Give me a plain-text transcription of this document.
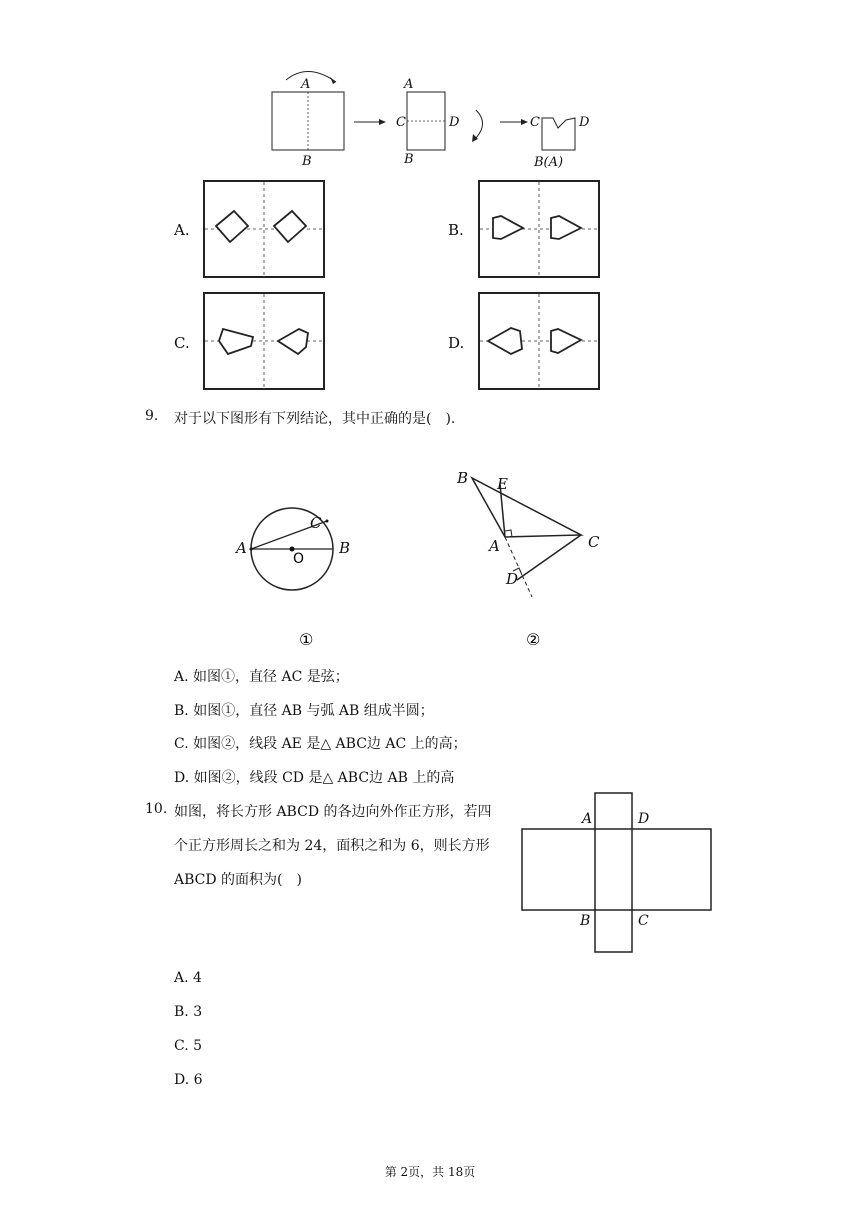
A
B
A
C	D
B
C	D
B(A)
A.	B.
C.	D.
9. 对于以下图形有下列结论，其中正确的是(　).
A	B
C
O
①
B E
A	C
D
②
A. 如图①，直径 AC 是弦；
B. 如图①，直径 AB 与弧 AB 组成半圆；
C. 如图②，线段 AE 是△ ABC边 AC 上的高；
D. 如图②，线段 CD 是△ ABC边 AB 上的高
10. 如图，将长方形 ABCD 的各边向外作正方形，若四
个正方形周长之和为 24，面积之和为 6，则长方形
ABCD 的面积为(　)
A	D
B	C
A. 4
B. 3
C. 5
D. 6
第 2页，共 18页
